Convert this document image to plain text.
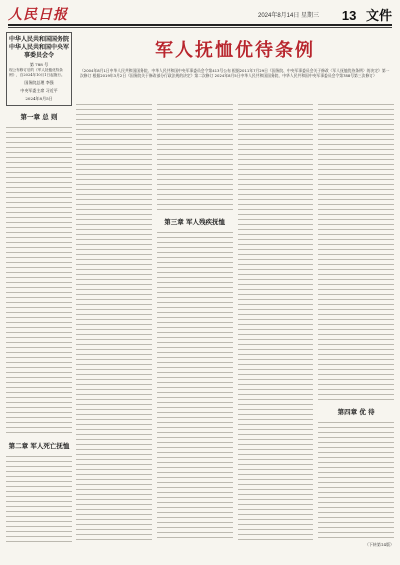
人民日报	2024年8月14日 星期三 13 文件
中华人民共和国国务院
中华人民共和国中央军事委员会令
第 788 号
现公布修订后的《军人抚恤优待条例》，自2024年10月1日起施行。
国务院总理 李强
中央军委主席 习近平
2024年8月5日
第一章 总 则
第二章 军人死亡抚恤
军人抚恤优待条例
（2004年8月1日中华人民共和国国务院、中华人民共和国中央军事委员会令第413号公布 根据2011年7月29日《国务院、中央军事委员会关于修改〈军人抚恤优待条例〉的决定》第一次修订 根据2019年3月2日《国务院关于修改部分行政法规的决定》第二次修订 2024年8月5日中华人民共和国国务院、中华人民共和国中央军事委员会令第788号第三次修订）
第三章 军人残疾抚恤
第四章 优 待
（下转第14版）
